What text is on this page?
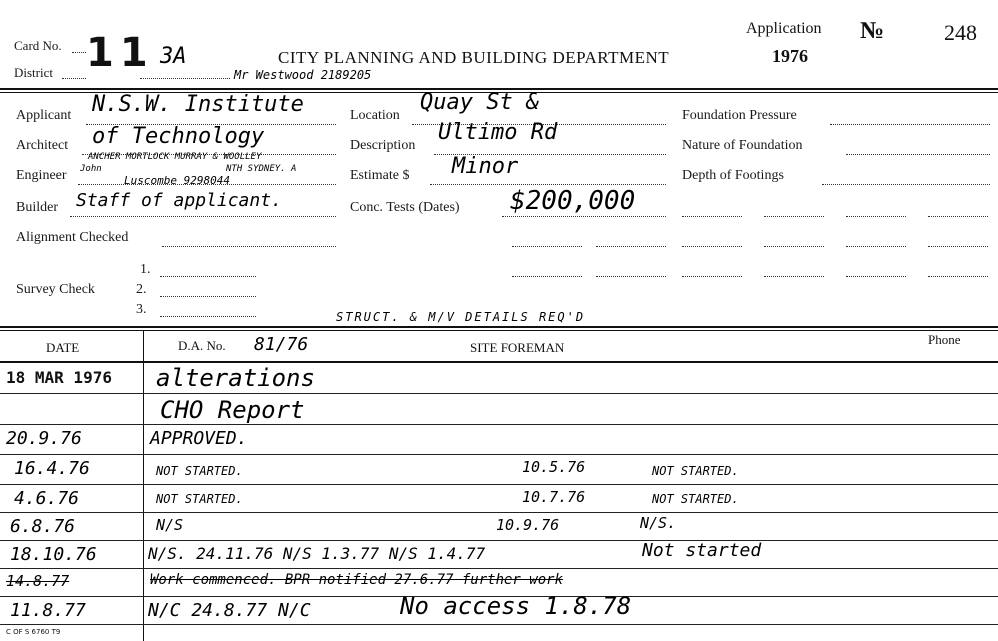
Card No. 11 3A
District
CITY PLANNING AND BUILDING DEPARTMENT
Mr Westwood 2189205
Application
1976
№	248
Applicant N.S.W. Institute
Architect of Technology
Engineer
ANCHER MORTLOCK MURRAY & WOOLLEY
John	NTH SYDNEY. A
Luscombe 9298044
Builder Staff of applicant.
Alignment Checked
1.
Survey Check	2.
3.
Location
Quay St &
Description
Ultimo Rd
Estimate $ Minor
Conc. Tests (Dates) $200,000
Foundation Pressure
Nature of Foundation
Depth of Footings
STRUCT. & M/V DETAILS REQ'D
DATE	D.A. No. 81/76	SITE FOREMAN
Phone
18 MAR 1976 alterations
CHO Report
20.9.76	APPROVED.
16.4.76	NOT STARTED.	10.5.76	NOT STARTED.
4.6.76	NOT STARTED.	10.7.76	NOT STARTED.
6.8.76	N/S	10.9.76	N/S.
18.10.76	N/S. 24.11.76 N/S 1.3.77 N/S 1.4.77	Not started
14.8.77	Work commenced. BPR notified 27.6.77 further work
11.8.77	N/C 24.8.77 N/C	No access 1.8.78
C OF S 6760 T9
